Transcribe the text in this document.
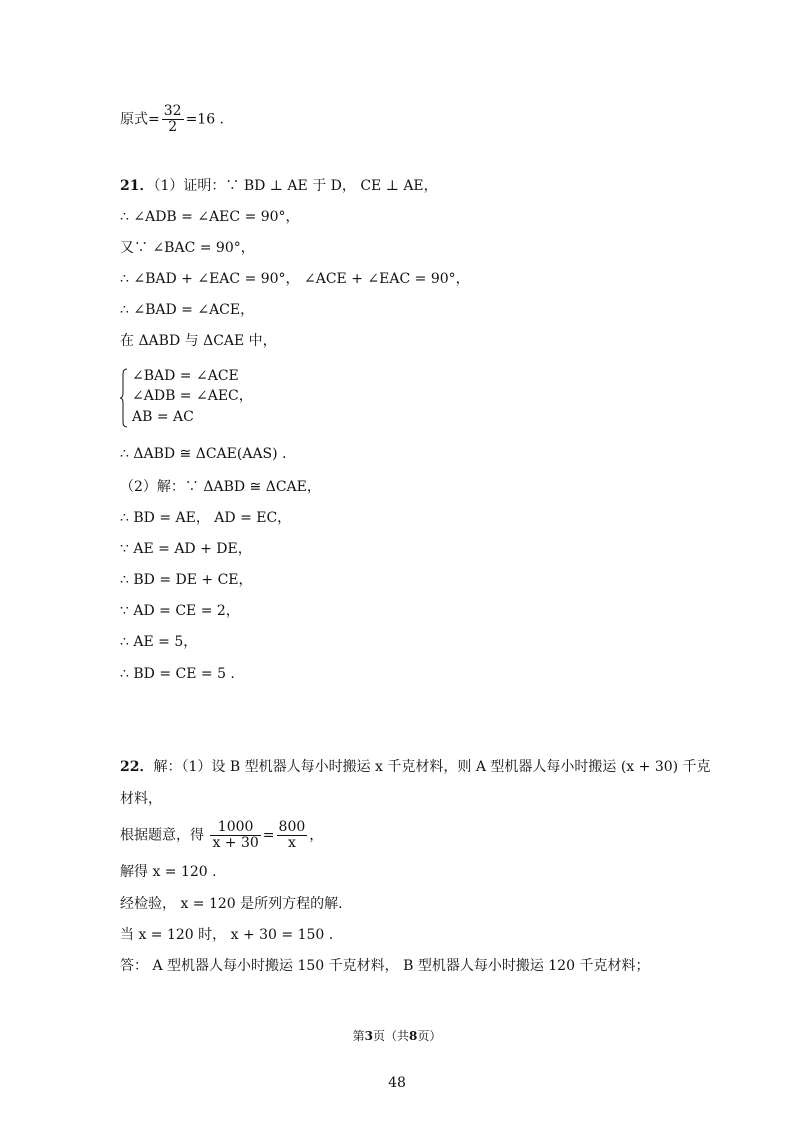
原式= $\frac{32}{2} =16$ .
21．（1）证明：∵ BD ⊥ AE 于 D， CE ⊥ AE，
∴ ∠ADB = ∠AEC = 90°，
又∵ ∠BAC = 90°，
∴ ∠BAD + ∠EAC = 90°， ∠ACE + ∠EAC = 90°，
∴ ∠BAD = ∠ACE，
在 ΔABD 与 ΔCAE 中，
∠BAD = ∠ACE
∠ADB = ∠AEC，
AB = AC
∴ ΔABD ≅ ΔCAE(AAS) .
（2）解：∵ ΔABD ≅ ΔCAE，
∴ BD = AE， AD = EC，
∵ AE = AD + DE，
∴ BD = DE + CE，
∵ AD = CE = 2，
∴ AE = 5，
∴ BD = CE = 5 .
22．解：（1）设 B 型机器人每小时搬运 x 千克材料，则 A 型机器人每小时搬运 (x + 30) 千克
材料，
根据题意，得 $\frac{1000}{x + 30} = \frac{800}{x}$ ，
解得 x = 120 .
经检验， x = 120 是所列方程的解.
当 x = 120 时， x + 30 = 150 .
答： A 型机器人每小时搬运 150 千克材料， B 型机器人每小时搬运 120 千克材料；
第3页（共8页）
48
